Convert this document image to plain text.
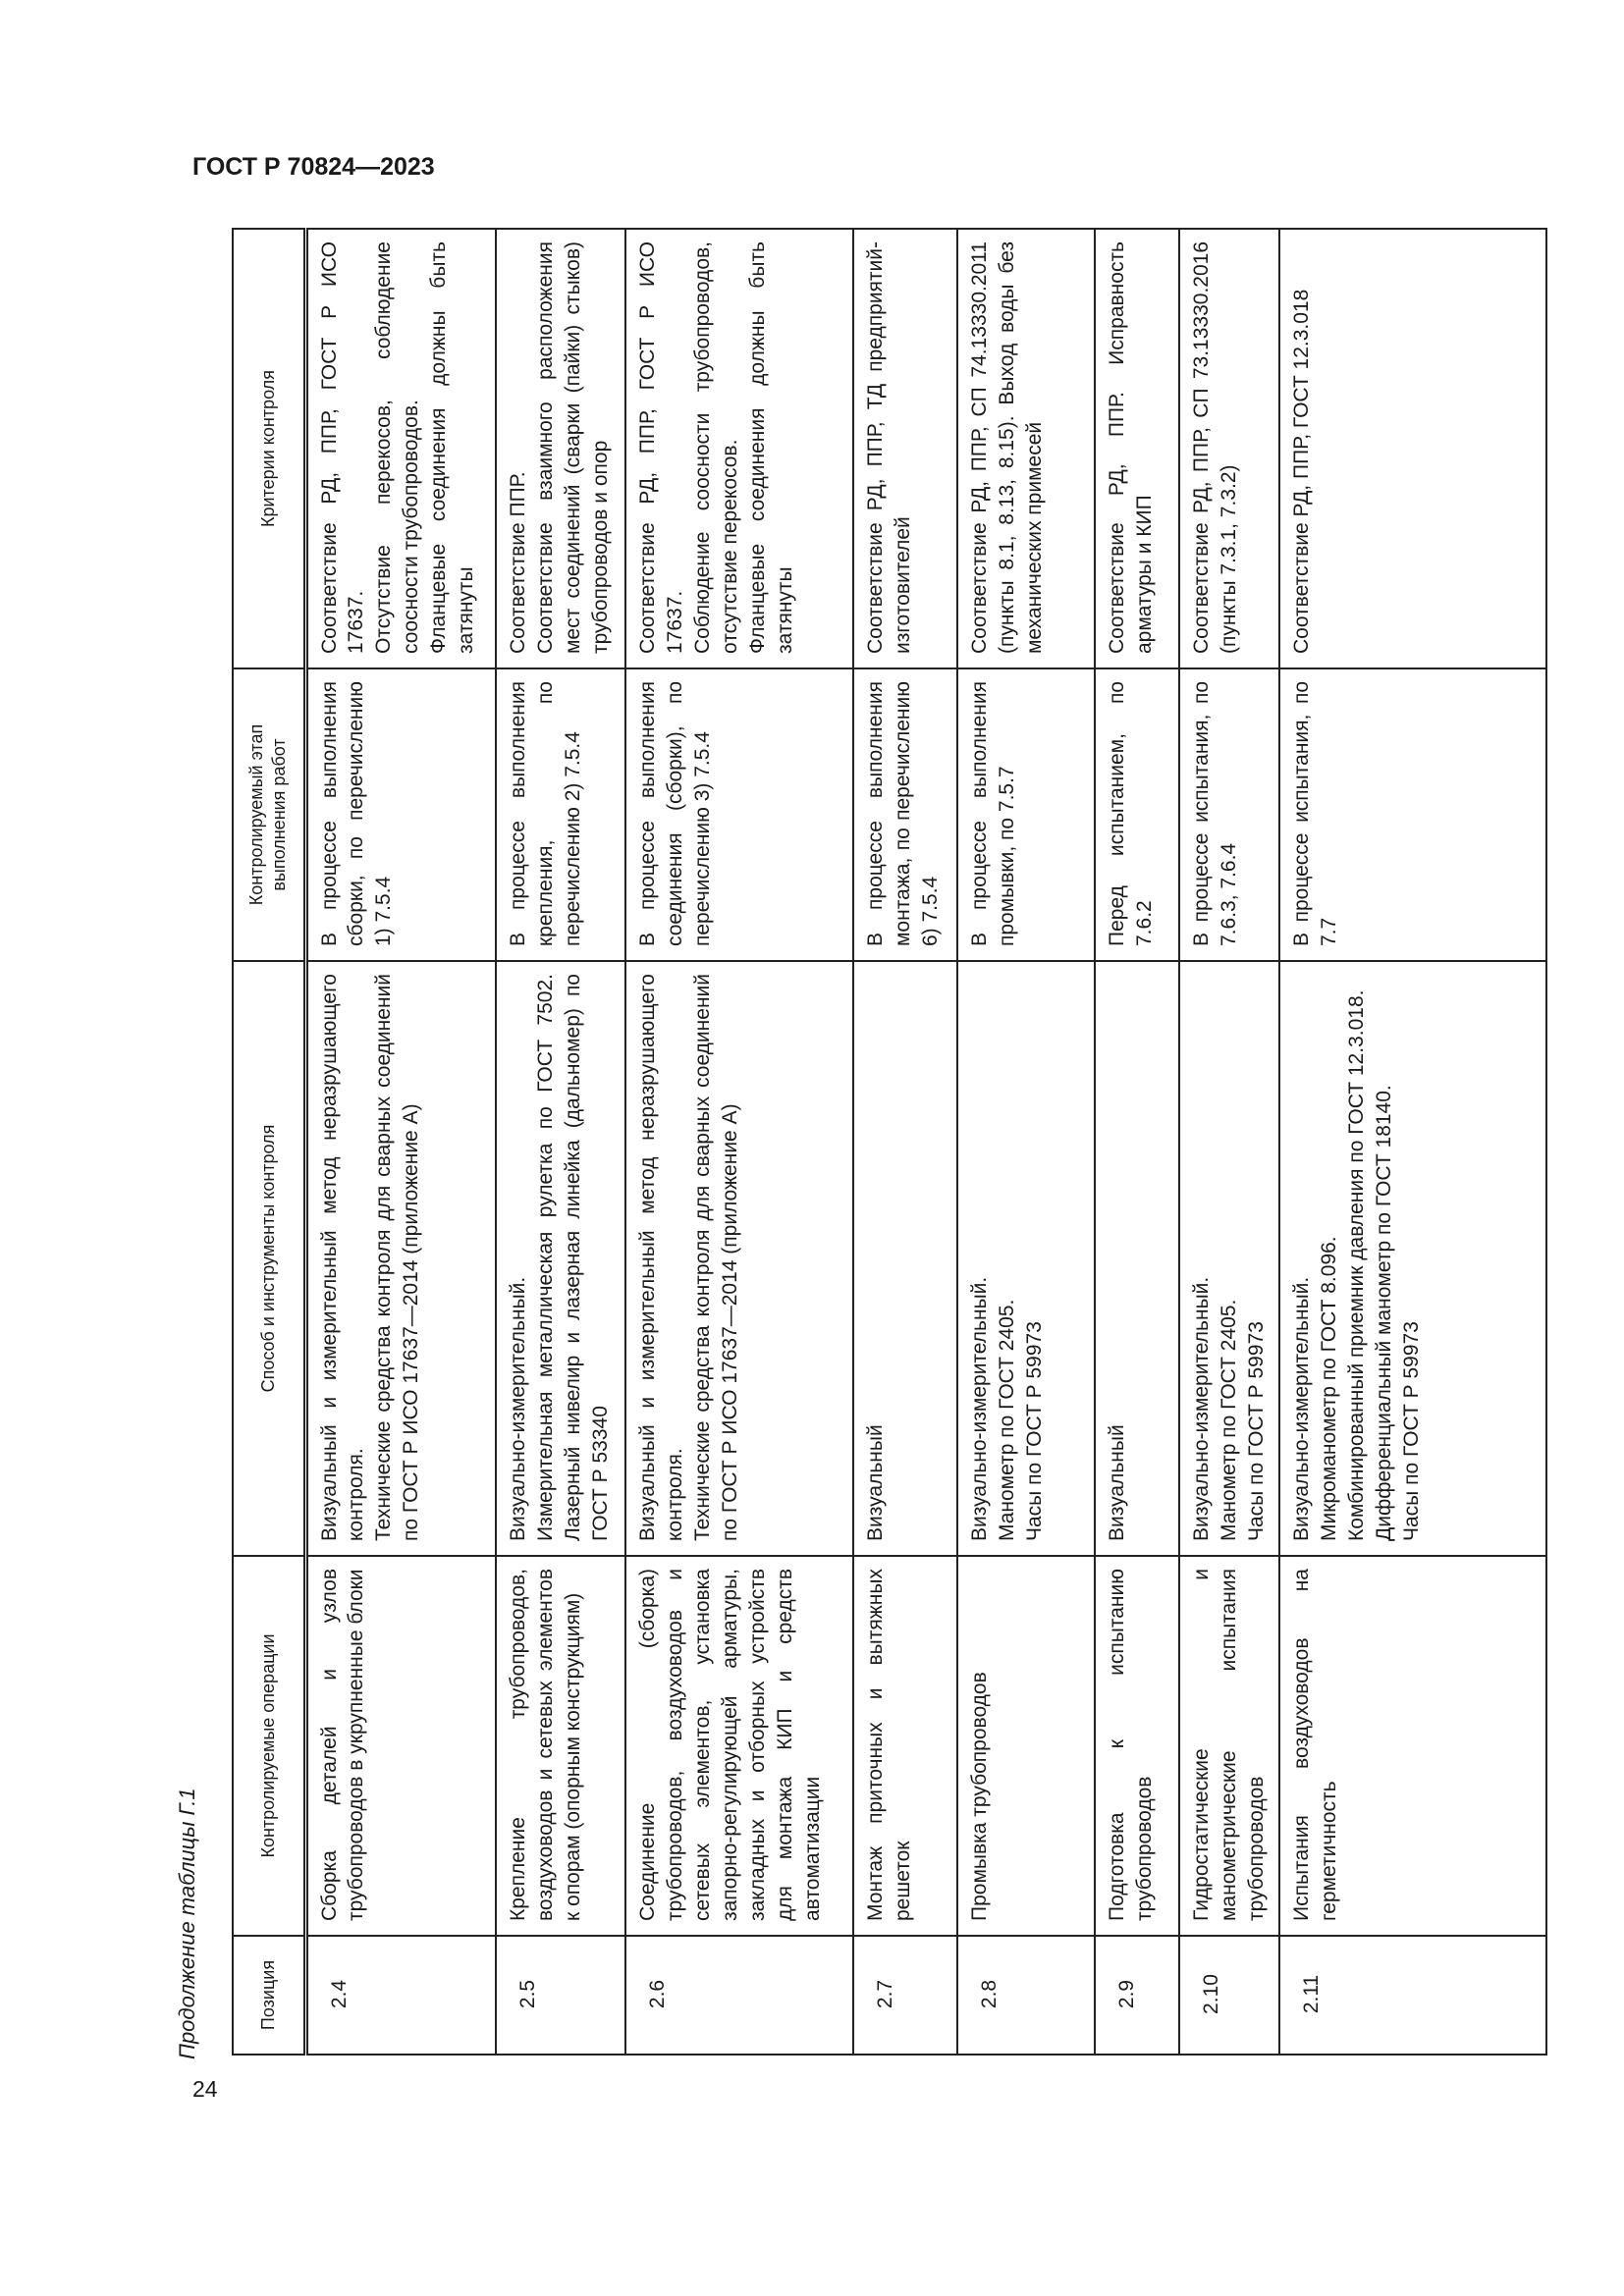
ГОСТ Р 70824—2023
Продолжение таблицы Г.1
24
Позиция	Контролируемые операции	Способ и инструменты контроля	Контролируемый этап выполнения работ	Критерии контроля
2.4	Сборка деталей и узлов трубопроводов в укрупненные блоки	Визуальный и измерительный метод неразрушающего контроля. Технические средства контроля для сварных соединений по ГОСТ Р ИСО 17637—2014 (приложение А)	В процессе выполнения сборки, по перечислению 1) 7.5.4	Соответствие РД, ППР, ГОСТ Р ИСО 17637. Отсутствие перекосов, соблюдение соосности трубопроводов. Фланцевые соединения должны быть затянуты

2.5	Крепление трубопроводов, воздуховодов и сетевых элементов к опорам (опорным конструкциям)	Визуально-измерительный. Измерительная металлическая рулетка по ГОСТ 7502. Лазерный нивелир и лазерная линейка (дальномер) по ГОСТ Р 53340	В процессе выполнения крепления, по перечислению 2) 7.5.4	Соответствие ППР. Соответствие взаимного расположения мест соединений (сварки (пайки) стыков) трубопроводов и опор

2.6	Соединение (сборка) трубопроводов, воздуховодов и сетевых элементов, установка запорно-регулирующей арматуры, закладных и отборных устройств для монтажа КИП и средств автоматизации	Визуальный и измерительный метод неразрушающего контроля. Технические средства контроля для сварных соединений по ГОСТ Р ИСО 17637—2014 (приложение А)	В процессе выполнения соединения (сборки), по перечислению 3) 7.5.4	Соответствие РД, ППР, ГОСТ Р ИСО 17637. Соблюдение соосности трубопроводов, отсутствие перекосов. Фланцевые соединения должны быть затянуты

2.7	Монтаж приточных и вытяжных решеток	Визуальный	В процессе выполнения монтажа, по перечислению 6) 7.5.4	Соответствие РД, ППР, ТД предприятий-изготовителей

2.8	Промывка трубопроводов	Визуально-измерительный. Манометр по ГОСТ 2405. Часы по ГОСТ Р 59973	В процессе выполнения промывки, по 7.5.7	Соответствие РД, ППР, СП 74.13330.2011 (пункты 8.1, 8.13, 8.15). Выход воды без механических примесей

2.9	Подготовка к испытанию трубопроводов	Визуальный	Перед испытанием, по 7.6.2	Соответствие РД, ППР. Исправность арматуры и КИП

2.10	Гидростатические и манометрические испытания трубопроводов	Визуально-измерительный. Манометр по ГОСТ 2405. Часы по ГОСТ Р 59973	В процессе испытания, по 7.6.3, 7.6.4	Соответствие РД, ППР, СП 73.13330.2016 (пункты 7.3.1, 7.3.2)

2.11	Испытания воздуховодов на герметичность	Визуально-измерительный. Микроманометр по ГОСТ 8.096. Комбинированный приемник давления по ГОСТ 12.3.018. Дифференциальный манометр по ГОСТ 18140. Часы по ГОСТ Р 59973	В процессе испытания, по 7.7	Соответствие РД, ППР, ГОСТ 12.3.018
